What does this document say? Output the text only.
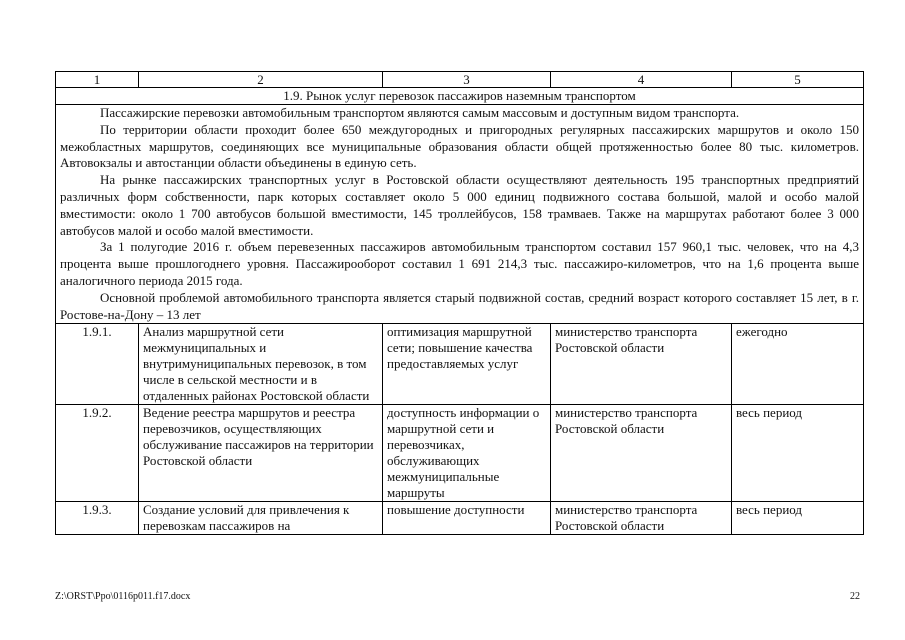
1	2	3	4	5
1.9. Рынок услуг перевозок пассажиров наземным транспортом				

Пассажирские перевозки автомобильным транспортом являются самым массовым и доступным видом транспорта.

По территории области проходит более 650 междугородных и пригородных регулярных пассажирских маршрутов и около 150 межобластных маршрутов, соединяющих все муниципальные образования области общей протяженностью более 80 тыс. километров. Автовокзалы и автостанции области объединены в единую сеть.

На рынке пассажирских транспортных услуг в Ростовской области осуществляют деятельность 195 транспортных предприятий различных форм собственности, парк которых составляет около 5 000 единиц подвижного состава большой, малой и особо малой вместимости: около 1 700 автобусов большой вместимости, 145 троллейбусов, 158 трамваев. Также на маршрутах работают более 3 000 автобусов малой и особо малой вместимости.

За 1 полугодие 2016 г. объем перевезенных пассажиров автомобильным транспортом составил 157 960,1 тыс. человек, что на 4,3 процента выше прошлогоднего уровня. Пассажирооборот составил 1 691 214,3 тыс. пассажиро-километров, что на 1,6 процента выше аналогичного периода 2015 года.

Основной проблемой автомобильного транспорта является старый подвижной состав, средний возраст которого составляет 15 лет, в г. Ростове-на-Дону – 13 лет				

1.9.1.	Анализ маршрутной сети межмуниципальных и внутримуниципальных перевозок, в том числе в сельской местности и в отдаленных районах Ростовской области	оптимизация маршрутной сети; повышение качества предоставляемых услуг	министерство транспорта Ростовской области	ежегодно
1.9.2.	Ведение реестра маршрутов и реестра перевозчиков, осуществляющих обслуживание пассажиров на территории Ростовской области	доступность информации о маршрутной сети и перевозчиках, обслуживающих межмуниципальные маршруты	министерство транспорта Ростовской области	весь период
1.9.3.	Создание условий для привлечения к перевозкам пассажиров на	повышение доступности	министерство транспорта Ростовской области	весь период
Z:\ORST\Ppo\0116p011.f17.docx	22
